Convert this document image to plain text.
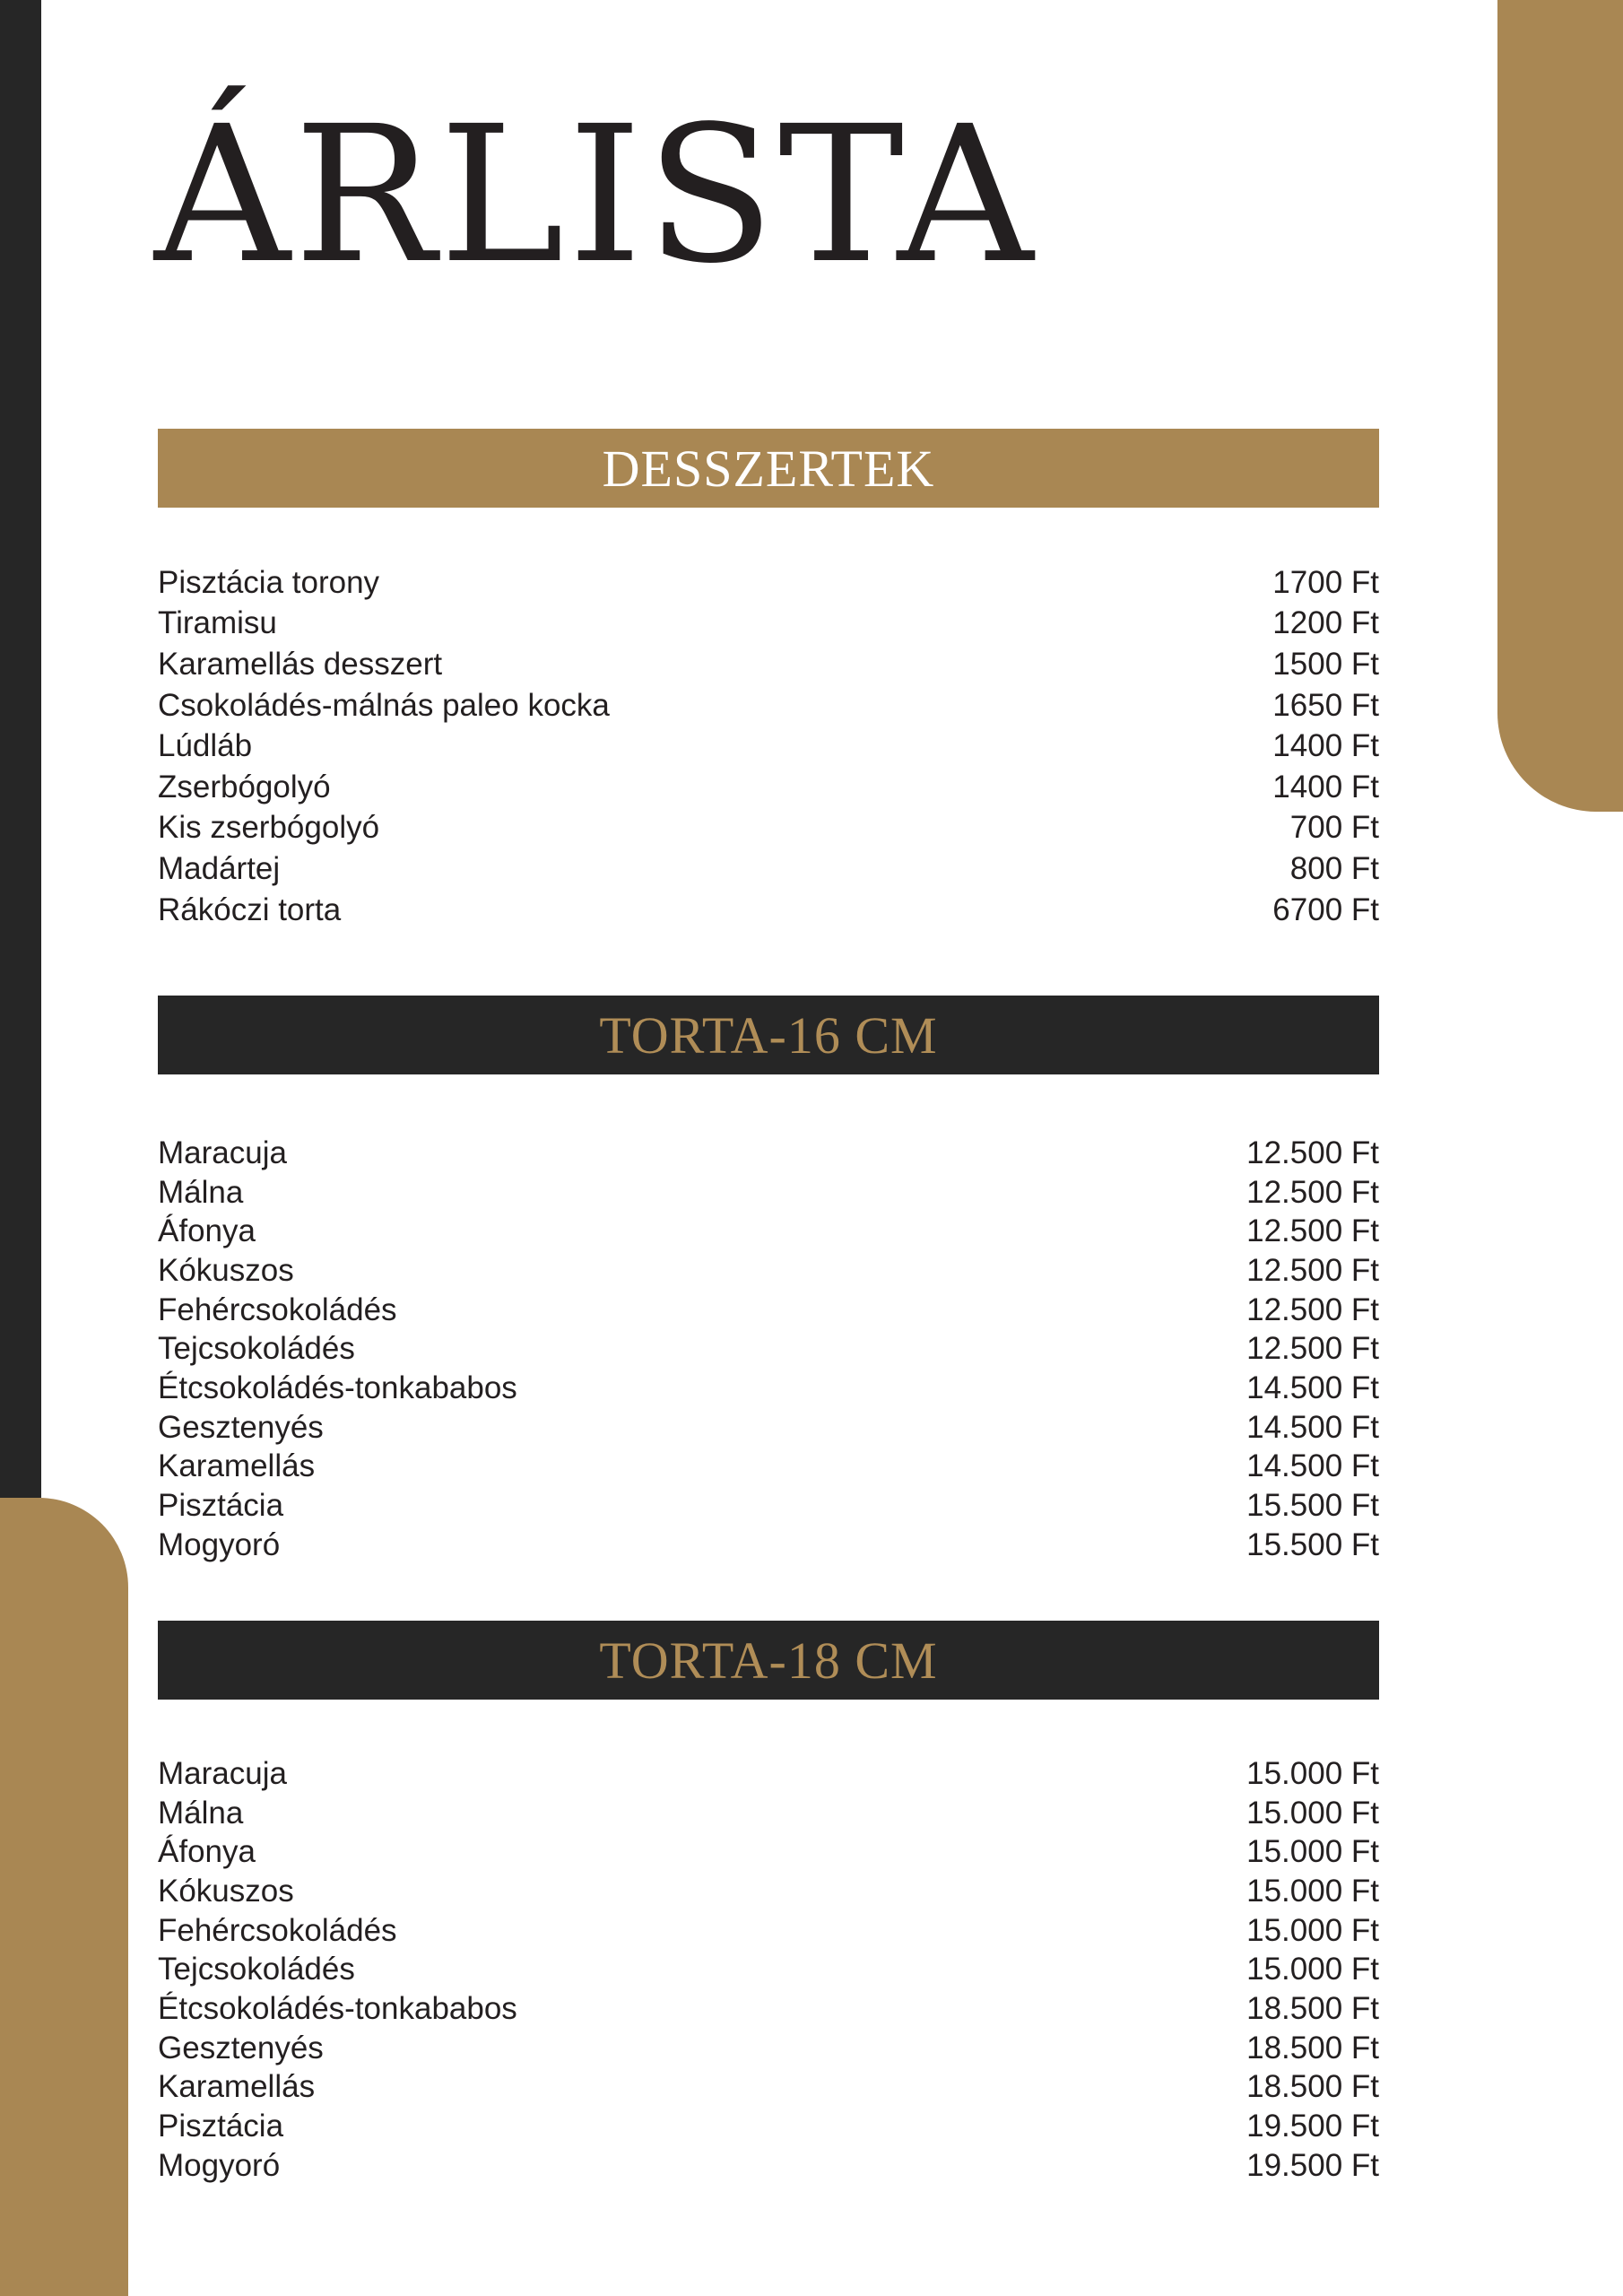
ÁRLISTA
DESSZERTEK
Pisztácia torony	1700 Ft
Tiramisu	1200 Ft
Karamellás desszert	1500 Ft
Csokoládés-málnás paleo kocka	1650 Ft
Lúdláb	1400 Ft
Zserbógolyó	1400 Ft
Kis zserbógolyó	700 Ft
Madártej	800 Ft
Rákóczi torta	6700 Ft
TORTA-16 CM
Maracuja	12.500 Ft
Málna	12.500 Ft
Áfonya	12.500 Ft
Kókuszos	12.500 Ft
Fehércsokoládés	12.500 Ft
Tejcsokoládés	12.500 Ft
Étcsokoládés-tonkababos	14.500 Ft
Gesztenyés	14.500 Ft
Karamellás	14.500 Ft
Pisztácia	15.500 Ft
Mogyoró	15.500 Ft
TORTA-18 CM
Maracuja	15.000 Ft
Málna	15.000 Ft
Áfonya	15.000 Ft
Kókuszos	15.000 Ft
Fehércsokoládés	15.000 Ft
Tejcsokoládés	15.000 Ft
Étcsokoládés-tonkababos	18.500 Ft
Gesztenyés	18.500 Ft
Karamellás	18.500 Ft
Pisztácia	19.500 Ft
Mogyoró	19.500 Ft
